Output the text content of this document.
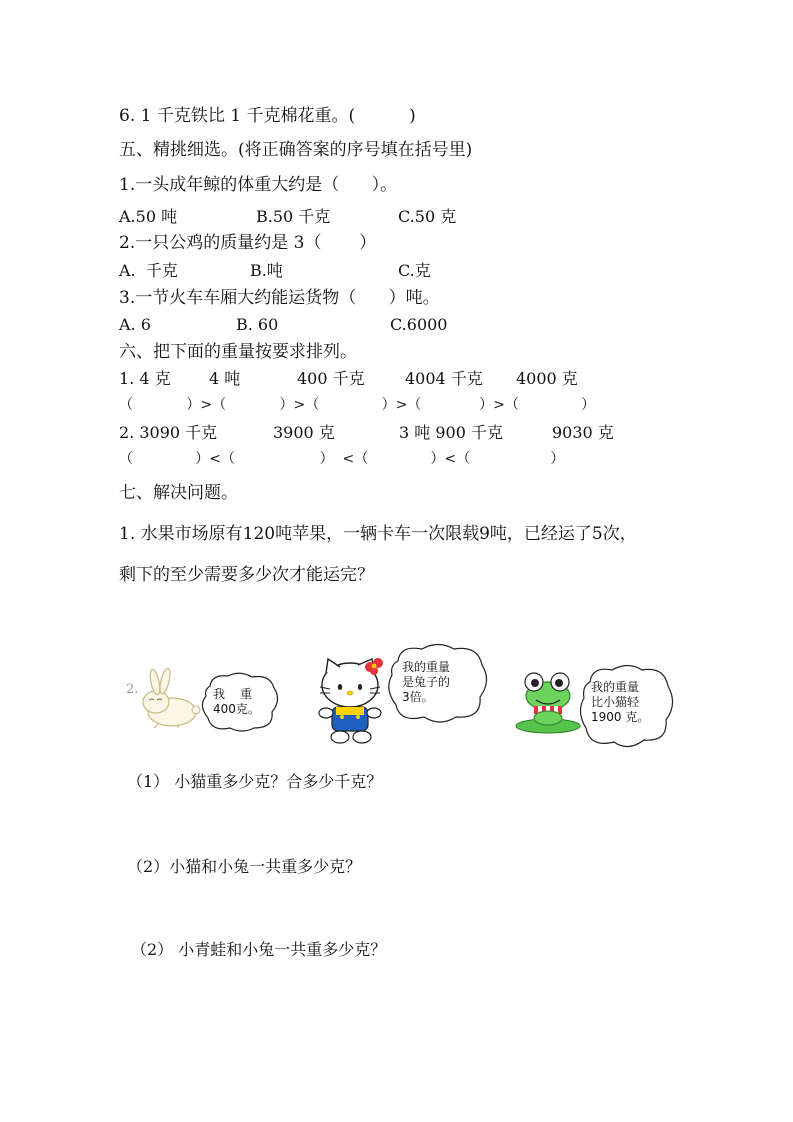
6. 1 千克铁比 1 千克棉花重。(          )
五、精挑细选。(将正确答案的序号填在括号里)
1.一头成年鲸的体重大约是（      ）。
A.50 吨	B.50 千克	C.50 克
2.一只公鸡的质量约是 3（       ）
A.  千克	B.吨	C.克
3.一节火车车厢大约能运货物（      ）吨。
A. 6	B. 60	C.6000
六、把下面的重量按要求排列。
1. 4 克 4 吨	400 千克	4004 千克 4000 克
（            ）>（            ）>（              ）>（             ）>（              ）
2. 3090 千克	3900 克	3 吨 900 千克	9030 克
（              ）<（                   ）  <（              ）<（                  ）
七、解决问题。
1. 水果市场原有120吨苹果，一辆卡车一次限载9吨，已经运了5次，
剩下的至少需要多少次才能运完？
2.	我    重
400克。
我的重量
是兔子的
3倍。
我的重量
比小猫轻
1900 克。
（1） 小猫重多少克？合多少千克？
（2）小猫和小兔一共重多少克？
（2） 小青蛙和小兔一共重多少克？
